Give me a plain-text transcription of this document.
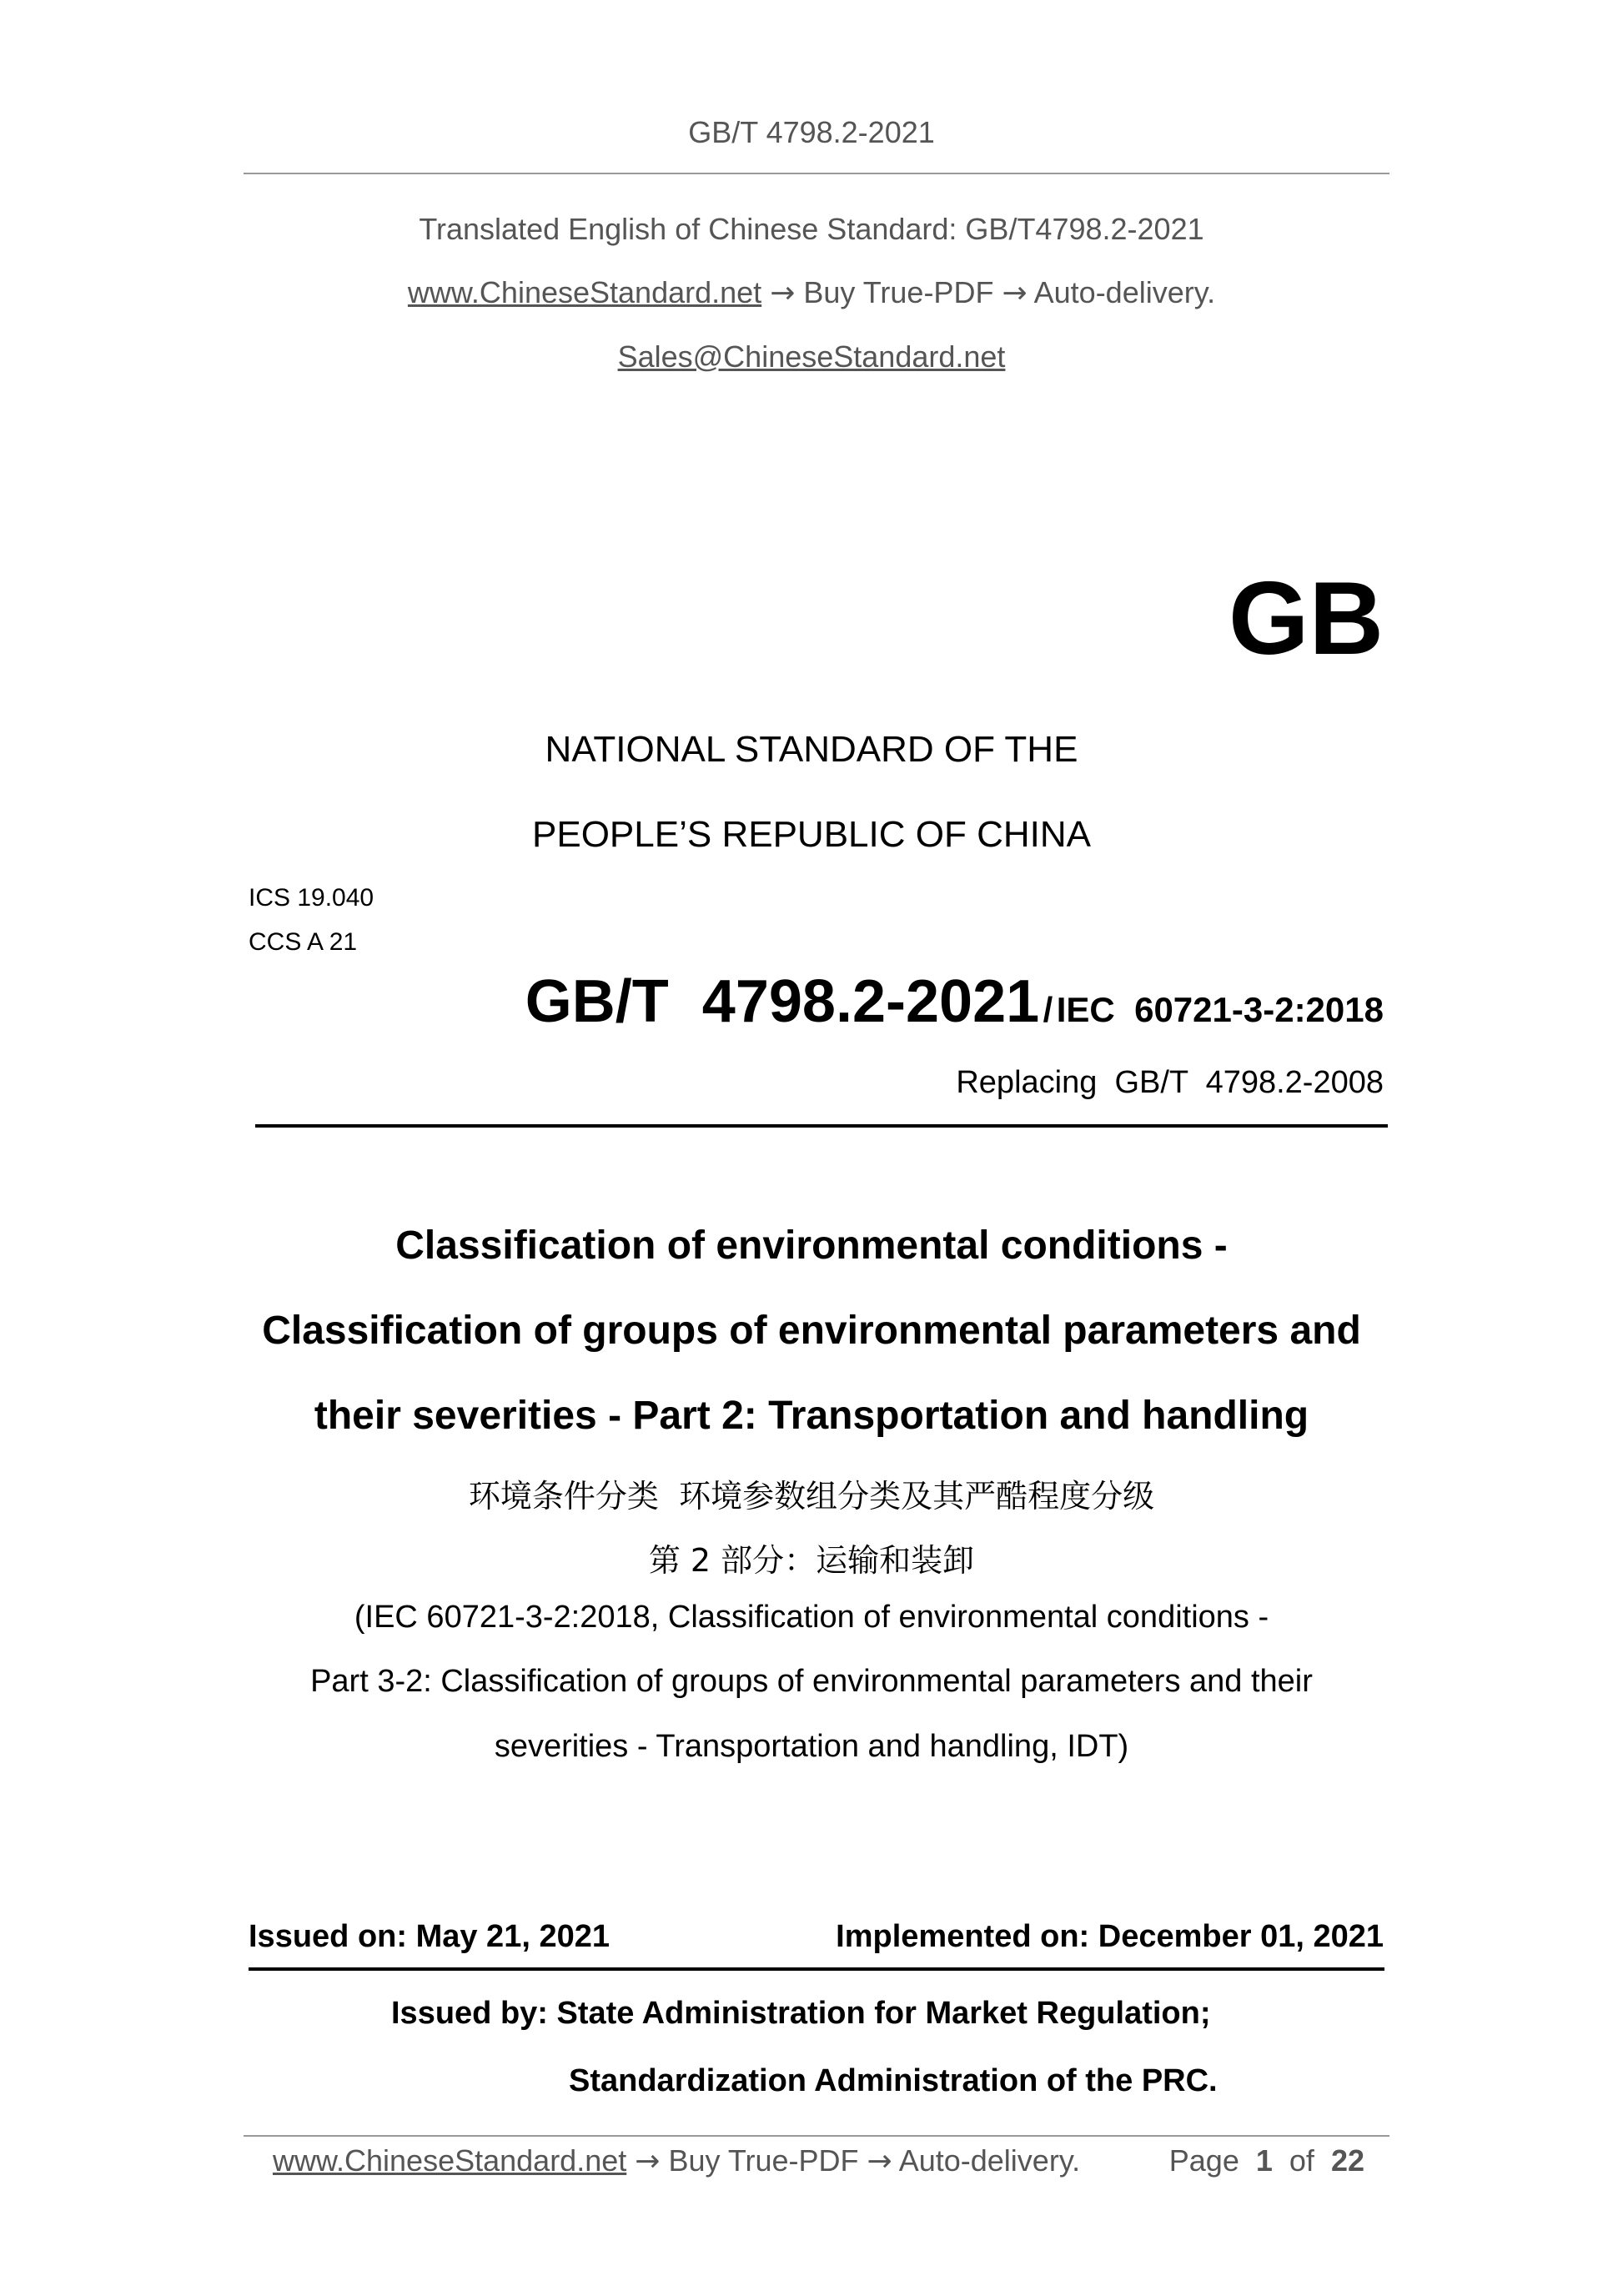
GB/T 4798.2-2021
Translated English of Chinese Standard: GB/T4798.2-2021
www.ChineseStandard.net → Buy True-PDF → Auto-delivery.
Sales@ChineseStandard.net
GB
NATIONAL STANDARD OF THE
PEOPLE’S REPUBLIC OF CHINA
ICS 19.040
CCS A 21
GB/T  4798.2-2021 / IEC  60721-3-2:2018
Replacing  GB/T  4798.2-2008
Classification of environmental conditions -
Classification of groups of environmental parameters and
their severities - Part 2: Transportation and handling
环境条件分类  环境参数组分类及其严酷程度分级
第 2 部分：运输和装卸
(IEC 60721-3-2:2018, Classification of environmental conditions -
Part 3-2: Classification of groups of environmental parameters and their
severities - Transportation and handling, IDT)
Issued on: May 21, 2021	Implemented on: December 01, 2021
Issued by: State Administration for Market Regulation;
Standardization Administration of the PRC.
www.ChineseStandard.net → Buy True-PDF → Auto-delivery.	Page 1 of 22
